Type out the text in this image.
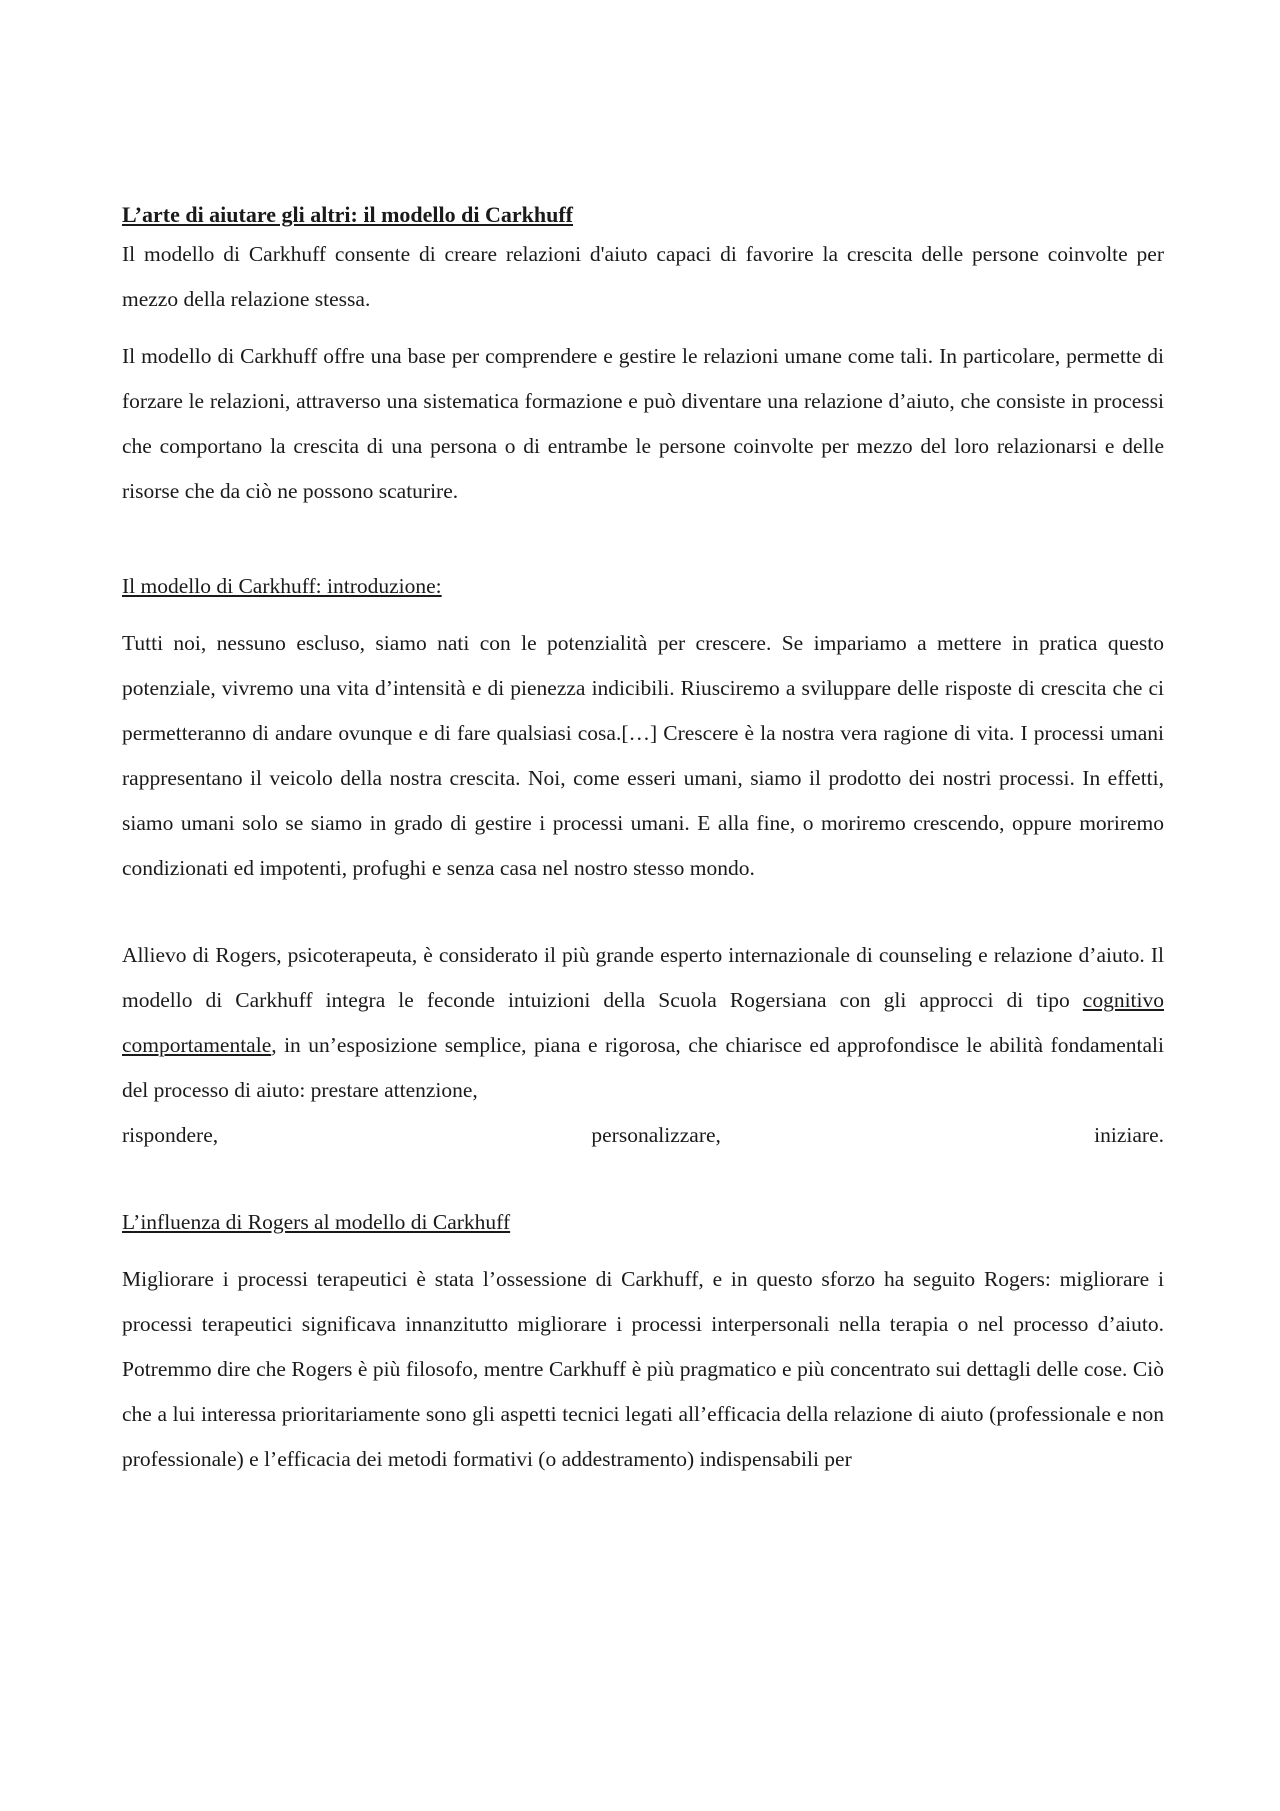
L’arte di aiutare gli altri: il modello di Carkhuff

Il modello di Carkhuff consente di creare relazioni d'aiuto capaci di favorire la crescita delle persone coinvolte per mezzo della relazione stessa.

Il modello di Carkhuff offre una base per comprendere e gestire le relazioni umane come tali. In particolare, permette di forzare le relazioni, attraverso una sistematica formazione e può diventare una relazione d’aiuto, che consiste in processi che comportano la crescita di una persona o di entrambe le persone coinvolte per mezzo del loro relazionarsi e delle risorse che da ciò ne possono scaturire.

Il modello di Carkhuff: introduzione:

Tutti noi, nessuno escluso, siamo nati con le potenzialità per crescere. Se impariamo a mettere in pratica questo potenziale, vivremo una vita d’intensità e di pienezza indicibili. Riusciremo a sviluppare delle risposte di crescita che ci permetteranno di andare ovunque e di fare qualsiasi cosa.[…] Crescere è la nostra vera ragione di vita. I processi umani rappresentano il veicolo della nostra crescita. Noi, come esseri umani, siamo il prodotto dei nostri processi. In effetti, siamo umani solo se siamo in grado di gestire i processi umani. E alla fine, o moriremo crescendo, oppure moriremo condizionati ed impotenti, profughi e senza casa nel nostro stesso mondo.

Allievo di Rogers, psicoterapeuta, è considerato il più grande esperto internazionale di counseling e relazione d’aiuto. Il modello di Carkhuff integra le feconde intuizioni della Scuola Rogersiana con gli approcci di tipo cognitivo comportamentale, in un’esposizione semplice, piana e rigorosa, che chiarisce ed approfondisce le abilità fondamentali del processo di aiuto: prestare attenzione,

rispondere, personalizzare, iniziare.

L’influenza di Rogers al modello di Carkhuff

Migliorare i processi terapeutici è stata l’ossessione di Carkhuff, e in questo sforzo ha seguito Rogers: migliorare i processi terapeutici significava innanzitutto migliorare i processi interpersonali nella terapia o nel processo d’aiuto. Potremmo dire che Rogers è più filosofo, mentre Carkhuff è più pragmatico e più concentrato sui dettagli delle cose. Ciò che a lui interessa prioritariamente sono gli aspetti tecnici legati all’efficacia della relazione di aiuto (professionale e non professionale) e l’efficacia dei metodi formativi (o addestramento) indispensabili per
